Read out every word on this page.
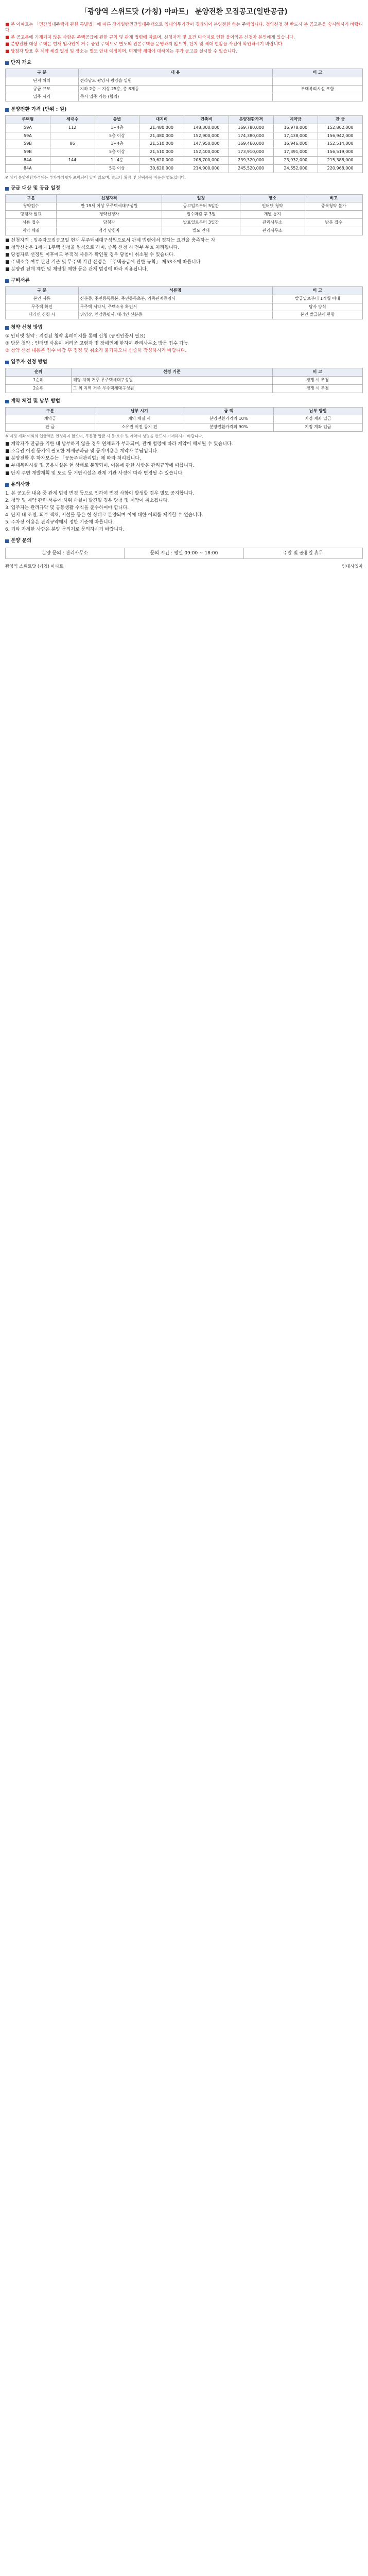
「광양역 스위트닷 (가칭) 아파트」 분양전환 모집공고(일반공급)

■ 본 아파트는 「민간임대주택에 관한 특별법」에 따른 장기일반민간임대주택으로 임대의무기간이 경과되어 분양전환 하는 주택입니다. 청약신청 전 반드시 본 공고문을 숙지하시기 바랍니다.

■ 본 공고문에 기재되지 않은 사항은 주택공급에 관한 규칙 및 관계 법령에 따르며, 신청자격 및 요건 미숙지로 인한 불이익은 신청자 본인에게 있습니다.

■ 분양전환 대상 주택은 현재 임차인이 거주 중인 주택으로 별도의 견본주택을 운영하지 않으며, 단지 및 세대 현황을 사전에 확인하시기 바랍니다.

■ 당첨자 발표 후 계약 체결 일정 및 장소는 별도 안내 예정이며, 미계약 세대에 대하여는 추가 공고를 실시할 수 있습니다.

단지 개요
구 분	내 용	비 고
단지 위치	전라남도 광양시 광양읍 일원	
공급 규모	지하 2층 ~ 지상 25층, 총 8개동	부대복리시설 포함
입주 시기	즉시 입주 가능 (협의)	
분양전환 가격 (단위 : 원)
주택형	세대수	층별	대지비	건축비	분양전환가격	계약금	잔 금
59A	112	1~4층	21,480,000	148,300,000	169,780,000	16,978,000	152,802,000
59A		5층 이상	21,480,000	152,900,000	174,380,000	17,438,000	156,942,000
59B	86	1~4층	21,510,000	147,950,000	169,460,000	16,946,000	152,514,000
59B		5층 이상	21,510,000	152,400,000	173,910,000	17,391,000	156,519,000
84A	144	1~4층	30,620,000	208,700,000	239,320,000	23,932,000	215,388,000
84A		5층 이상	30,620,000	214,900,000	245,520,000	24,552,000	220,968,000
※ 상기 분양전환가격에는 부가가치세가 포함되어 있지 않으며, 발코니 확장 및 선택품목 비용은 별도입니다.
공급 대상 및 공급 일정
구분	신청자격	일정	장소	비고
청약접수	만 19세 이상 무주택세대구성원	공고일로부터 5일간	인터넷 청약	중복청약 불가
당첨자 발표	청약신청자	접수마감 후 3일	개별 통지	
서류 접수	당첨자	발표일로부터 3일간	관리사무소	방문 접수
계약 체결	적격 당첨자	별도 안내	관리사무소	

■ 신청자격 : 입주자모집공고일 현재 무주택세대구성원으로서 관계 법령에서 정하는 요건을 충족하는 자

■ 청약신청은 1세대 1주택 신청을 원칙으로 하며, 중복 신청 시 전부 무효 처리됩니다.

■ 당첨자로 선정된 이후에도 부적격 사유가 확인될 경우 당첨이 취소될 수 있습니다.

■ 주택소유 여부 판단 기준 및 무주택 기간 산정은 「주택공급에 관한 규칙」 제53조에 따릅니다.

■ 분양권 전매 제한 및 재당첨 제한 등은 관계 법령에 따라 적용됩니다.

구비서류
구 분	서류명	비 고
본인 서류	신분증, 주민등록등본, 주민등록초본, 가족관계증명서	발급일로부터 1개월 이내
무주택 확인	무주택 서약서, 주택소유 확인서	당사 양식
대리인 신청 시	위임장, 인감증명서, 대리인 신분증	본인 발급분에 한함
청약 신청 방법

① 인터넷 청약 : 지정된 청약 홈페이지를 통해 신청 (공인인증서 필요)

② 방문 청약 : 인터넷 사용이 어려운 고령자 및 장애인에 한하여 관리사무소 방문 접수 가능

③ 청약 신청 내용은 접수 마감 후 정정 및 취소가 불가하오니 신중히 작성하시기 바랍니다.

입주자 선정 방법
순위	선정 기준	비 고
1순위	해당 지역 거주 무주택세대구성원	경쟁 시 추첨
2순위	그 외 지역 거주 무주택세대구성원	경쟁 시 추첨
계약 체결 및 납부 방법
구분	납부 시기	금 액	납부 방법
계약금	계약 체결 시	분양전환가격의 10%	지정 계좌 입금
잔 금	소유권 이전 등기 전	분양전환가격의 90%	지정 계좌 입금
※ 지정 계좌 이외의 입금액은 인정하지 않으며, 무통장 입금 시 동·호수 및 계약자 성명을 반드시 기재하시기 바랍니다.

■ 계약자가 잔금을 기한 내 납부하지 않을 경우 연체료가 부과되며, 관계 법령에 따라 계약이 해제될 수 있습니다.

■ 소유권 이전 등기에 필요한 제세공과금 및 등기비용은 계약자 부담입니다.

■ 분양전환 후 하자보수는 「공동주택관리법」에 따라 처리됩니다.

■ 부대복리시설 및 공용시설은 현 상태로 분양되며, 이용에 관한 사항은 관리규약에 따릅니다.

■ 단지 주변 개발계획 및 도로 등 기반시설은 관계 기관 사정에 따라 변경될 수 있습니다.

유의사항

1. 본 공고문 내용 중 관계 법령 변경 등으로 인하여 변경 사항이 발생할 경우 별도 공지합니다.

2. 청약 및 계약 관련 서류에 허위 사실이 발견될 경우 당첨 및 계약이 취소됩니다.

3. 입주자는 관리규약 및 공동생활 수칙을 준수하여야 합니다.

4. 단지 내 조경, 외부 색채, 시설물 등은 현 상태로 분양되며 이에 대한 이의를 제기할 수 없습니다.

5. 주차장 이용은 관리규약에서 정한 기준에 따릅니다.

6. 기타 자세한 사항은 분양 문의처로 문의하시기 바랍니다.

분양 문의
분양 문의 : 관리사무소	문의 시간 : 평일 09:00 ~ 18:00	주말 및 공휴일 휴무
광양역 스위트닷 (가칭) 아파트	임대사업자
